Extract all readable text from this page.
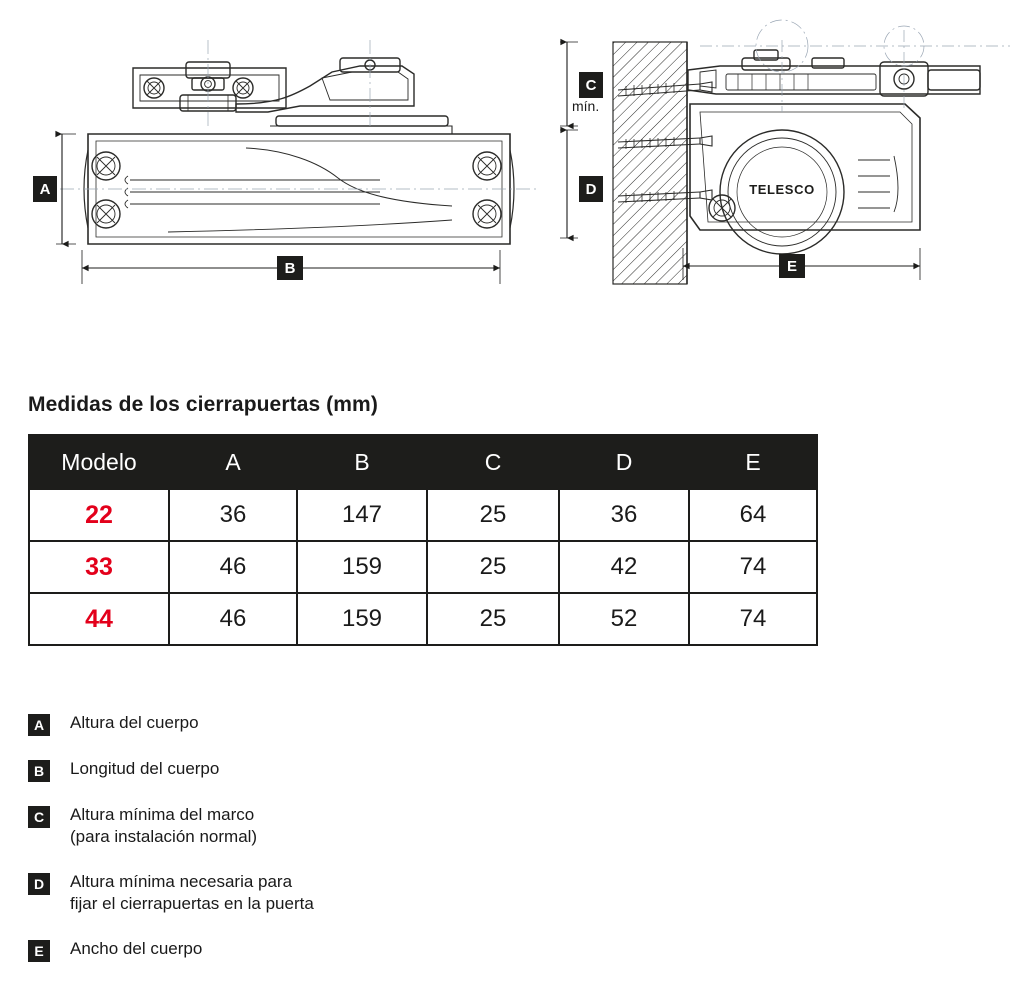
TELESCO
mín.
A
B
C
D
E
Medidas de los cierrapuertas (mm)
Modelo	A	B	C	D	E
22	36	147	25	36	64
33	46	159	25	42	74
44	46	159	25	52	74
A	Altura del cuerpo
B	Longitud del cuerpo
C	Altura mínima del marco
(para instalación normal)
D	Altura mínima necesaria para
fijar el cierrapuertas en la puerta
E	Ancho del cuerpo
